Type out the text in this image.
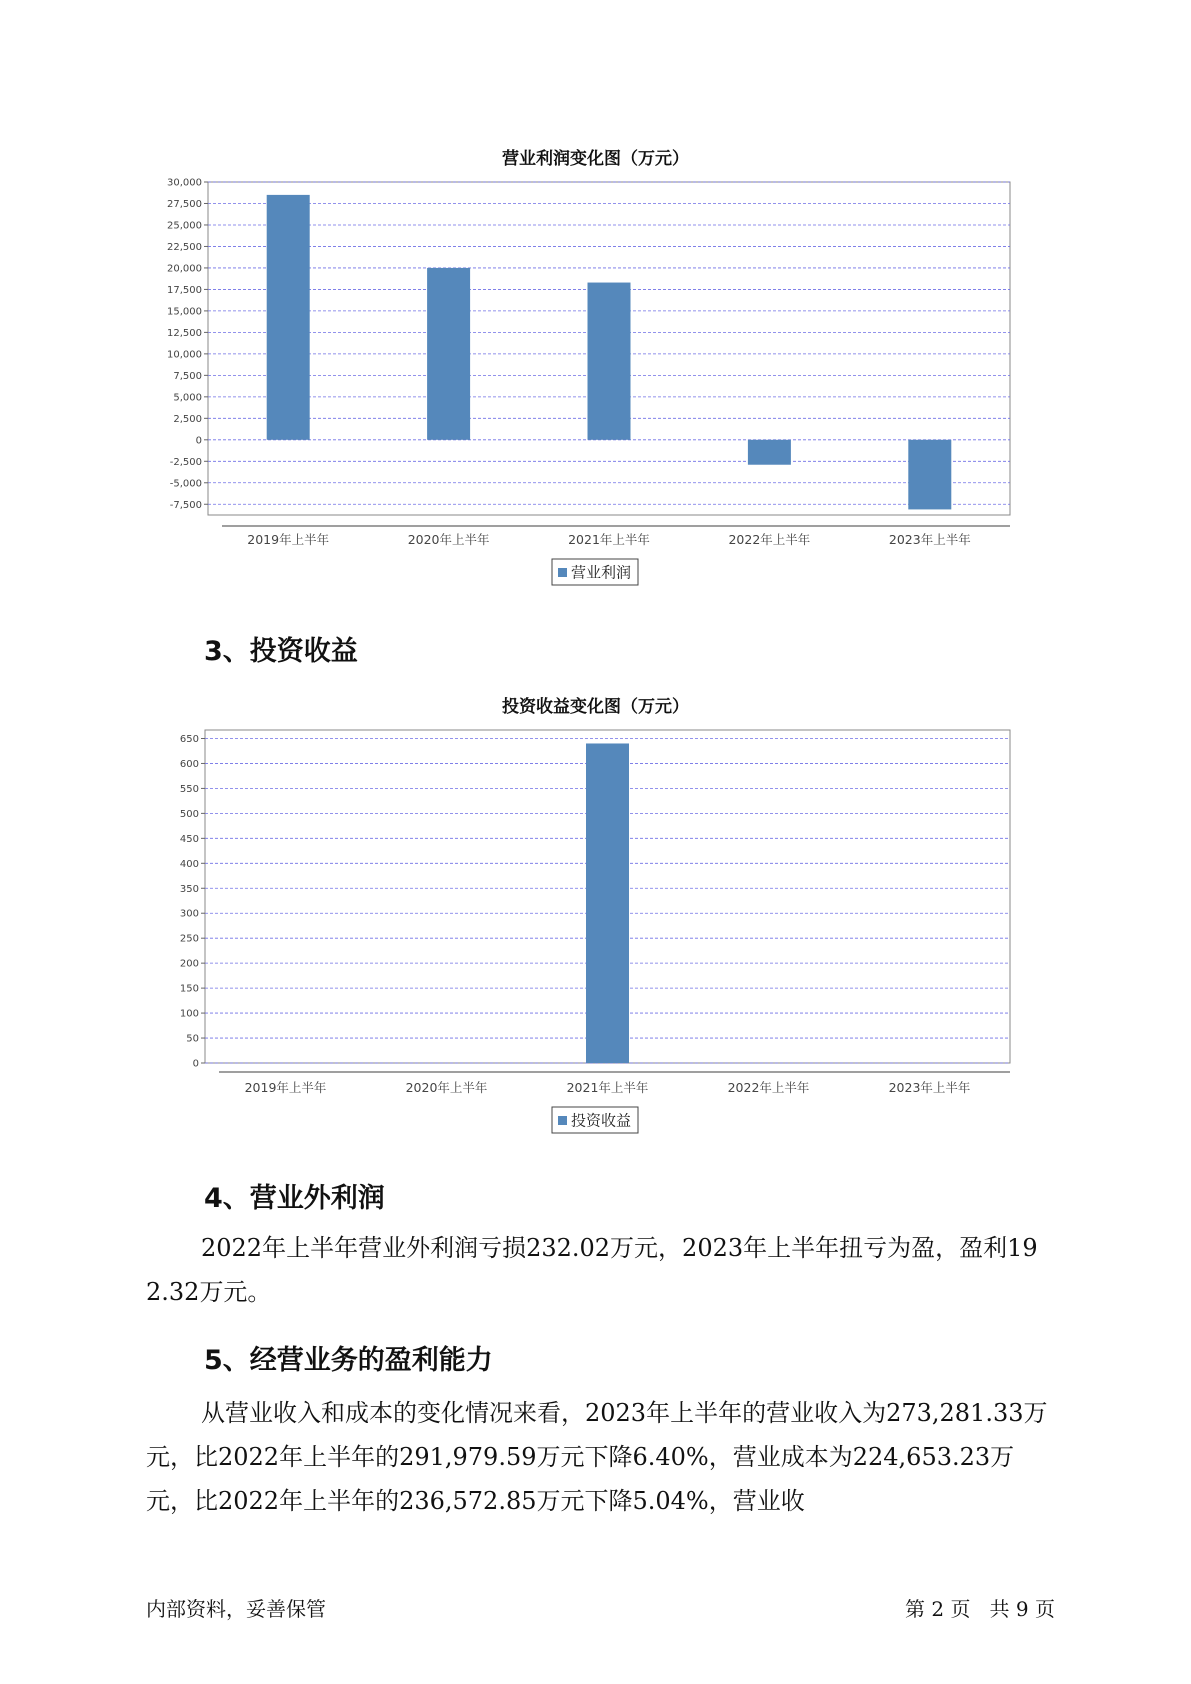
营业利润变化图（万元）
30,000
27,500
25,000
22,500
20,000
17,500
15,000
12,500
10,000
7,500
5,000
2,500
0
-2,500
-5,000
-7,500
2019年上半年	2020年上半年	2021年上半年	2022年上半年	2023年上半年
营业利润
3、投资收益
投资收益变化图（万元）
650
600
550
500
450
400
350
300
250
200
150
100
50
0
2019年上半年	2020年上半年	2021年上半年	2022年上半年	2023年上半年
投资收益
4、营业外利润
2022年上半年营业外利润亏损232.02万元，2023年上半年扭亏为盈，盈利192.32万元。
5、经营业务的盈利能力
从营业收入和成本的变化情况来看，2023年上半年的营业收入为273,281.33万元，比2022年上半年的291,979.59万元下降6.40%，营业成本为224,653.23万元，比2022年上半年的236,572.85万元下降5.04%，营业收
内部资料，妥善保管	第 2 页   共 9 页
